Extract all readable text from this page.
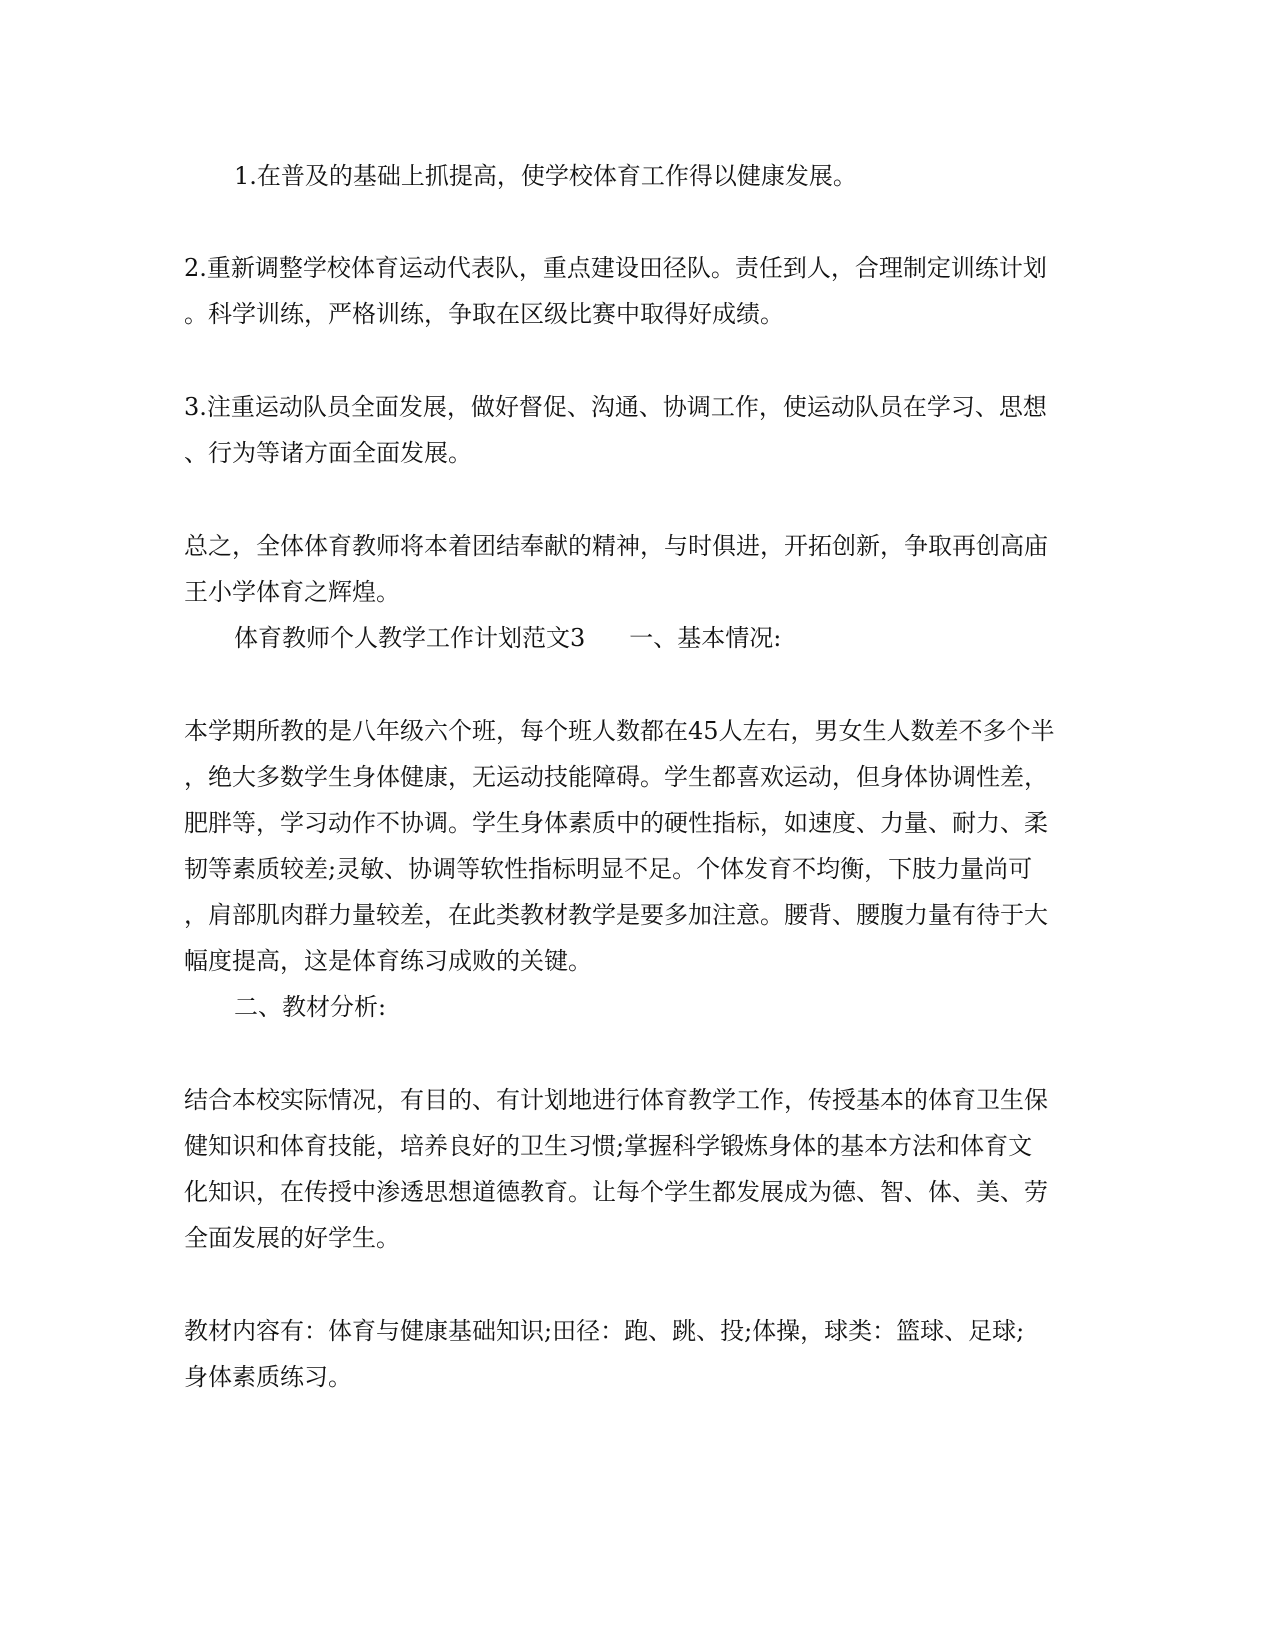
1.在普及的基础上抓提高，使学校体育工作得以健康发展。

2.重新调整学校体育运动代表队，重点建设田径队。责任到人，合理制定训练计划

。科学训练，严格训练，争取在区级比赛中取得好成绩。

3.注重运动队员全面发展，做好督促、沟通、协调工作，使运动队员在学习、思想

、行为等诸方面全面发展。

总之，全体体育教师将本着团结奉献的精神，与时俱进，开拓创新，争取再创高庙

王小学体育之辉煌。

体育教师个人教学工作计划范文3 一、基本情况:

本学期所教的是八年级六个班，每个班人数都在45人左右，男女生人数差不多个半

，绝大多数学生身体健康，无运动技能障碍。学生都喜欢运动，但身体协调性差，

肥胖等，学习动作不协调。学生身体素质中的硬性指标，如速度、力量、耐力、柔

韧等素质较差;灵敏、协调等软性指标明显不足。个体发育不均衡，下肢力量尚可

，肩部肌肉群力量较差，在此类教材教学是要多加注意。腰背、腰腹力量有待于大

幅度提高，这是体育练习成败的关键。

二、教材分析:

结合本校实际情况，有目的、有计划地进行体育教学工作，传授基本的体育卫生保

健知识和体育技能，培养良好的卫生习惯;掌握科学锻炼身体的基本方法和体育文

化知识，在传授中渗透思想道德教育。让每个学生都发展成为德、智、体、美、劳

全面发展的好学生。

教材内容有：体育与健康基础知识;田径：跑、跳、投;体操，球类：篮球、足球;

身体素质练习。
